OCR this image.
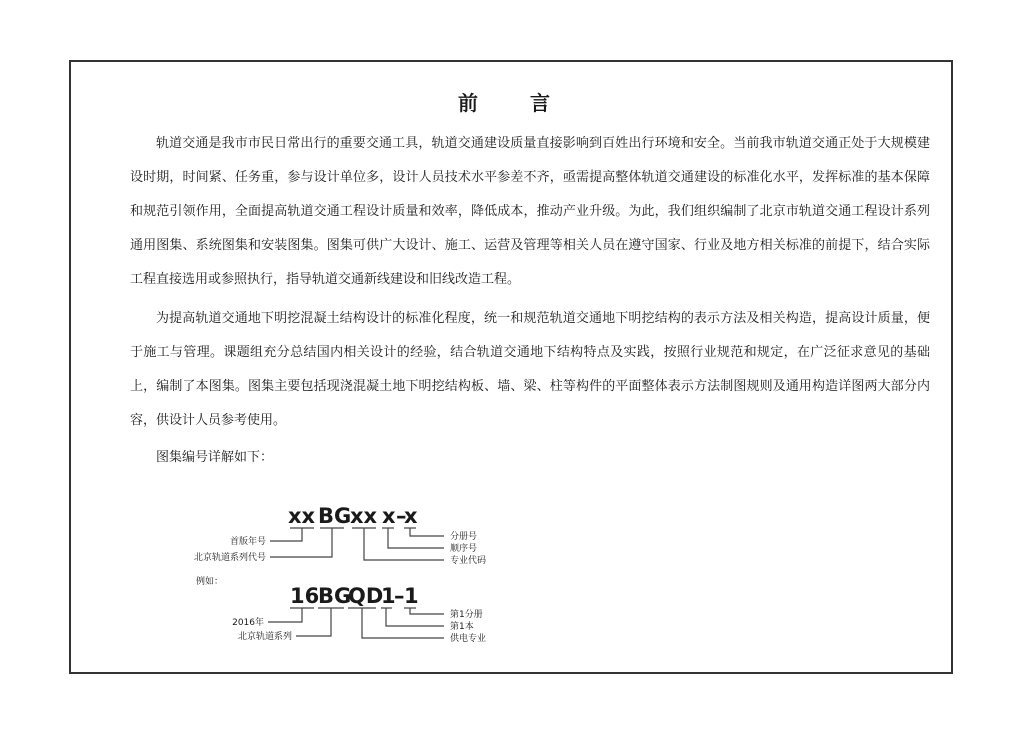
前　言

轨道交通是我市市民日常出行的重要交通工具，轨道交通建设质量直接影响到百姓出行环境和安全。当前我市轨道交通正处于大规模建设时期，时间紧、任务重，参与设计单位多，设计人员技术水平参差不齐，亟需提高整体轨道交通建设的标准化水平，发挥标准的基本保障和规范引领作用，全面提高轨道交通工程设计质量和效率，降低成本，推动产业升级。为此，我们组织编制了北京市轨道交通工程设计系列通用图集、系统图集和安装图集。图集可供广大设计、施工、运营及管理等相关人员在遵守国家、行业及地方相关标准的前提下，结合实际工程直接选用或参照执行，指导轨道交通新线建设和旧线改造工程。

为提高轨道交通地下明挖混凝土结构设计的标准化程度，统一和规范轨道交通地下明挖结构的表示方法及相关构造，提高设计质量，便于施工与管理。课题组充分总结国内相关设计的经验，结合轨道交通地下结构特点及实践，按照行业规范和规定，在广泛征求意见的基础上，编制了本图集。图集主要包括现浇混凝土地下明挖结构板、墙、梁、柱等构件的平面整体表示方法制图规则及通用构造详图两大部分内容，供设计人员参考使用。

图集编号详解如下：

xx BG
xx x –
x
首版年号
北京轨道系列代号
分册号
顺序号
专业代码
例如：
16
BG
QD
1
– 1
2016年
北京轨道系列
第1分册
第1本
供电专业
